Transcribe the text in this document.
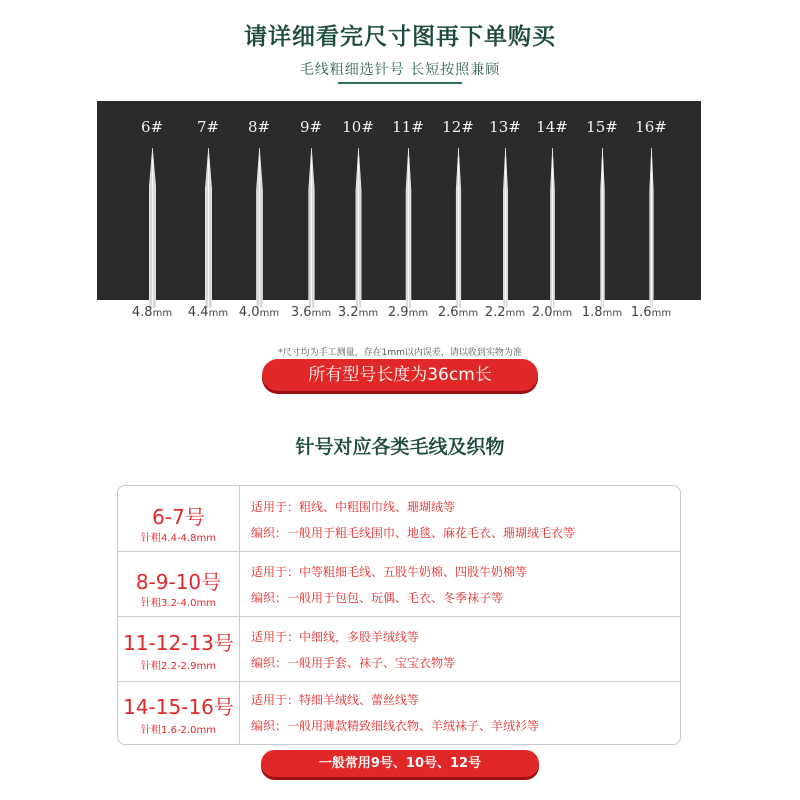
请详细看完尺寸图再下单购买
毛线粗细选针号 长短按照兼顾
6#
4.8mm
7#
4.4mm
8#
4.0mm
9#
3.6mm
10#
3.2mm
11#
2.9mm
12#
2.6mm
13#
2.2mm
14#
2.0mm
15#
1.8mm
16#
1.6mm
*尺寸均为手工测量，存在1mm以内误差，请以收到实物为准
所有型号长度为36cm长
针号对应各类毛线及织物
6-7号
针粗4.4-4.8mm
适用于：粗线、中粗围巾线、珊瑚绒等
编织：一般用于粗毛线围巾、地毯、麻花毛衣、珊瑚绒毛衣等
8-9-10号
针粗3.2-4.0mm
适用于：中等粗细毛线、五股牛奶棉、四股牛奶棉等
编织：一般用于包包、玩偶、毛衣、冬季袜子等
11-12-13号
针粗2.2-2.9mm
适用于：中细线，多股羊绒线等
编织：一般用手套、袜子、宝宝衣物等
14-15-16号
针粗1.6-2.0mm
适用于：特细羊绒线、蕾丝线等
编织：一般用薄款精致细线衣物、羊绒袜子、羊绒衫等
一般常用9号、10号、12号
